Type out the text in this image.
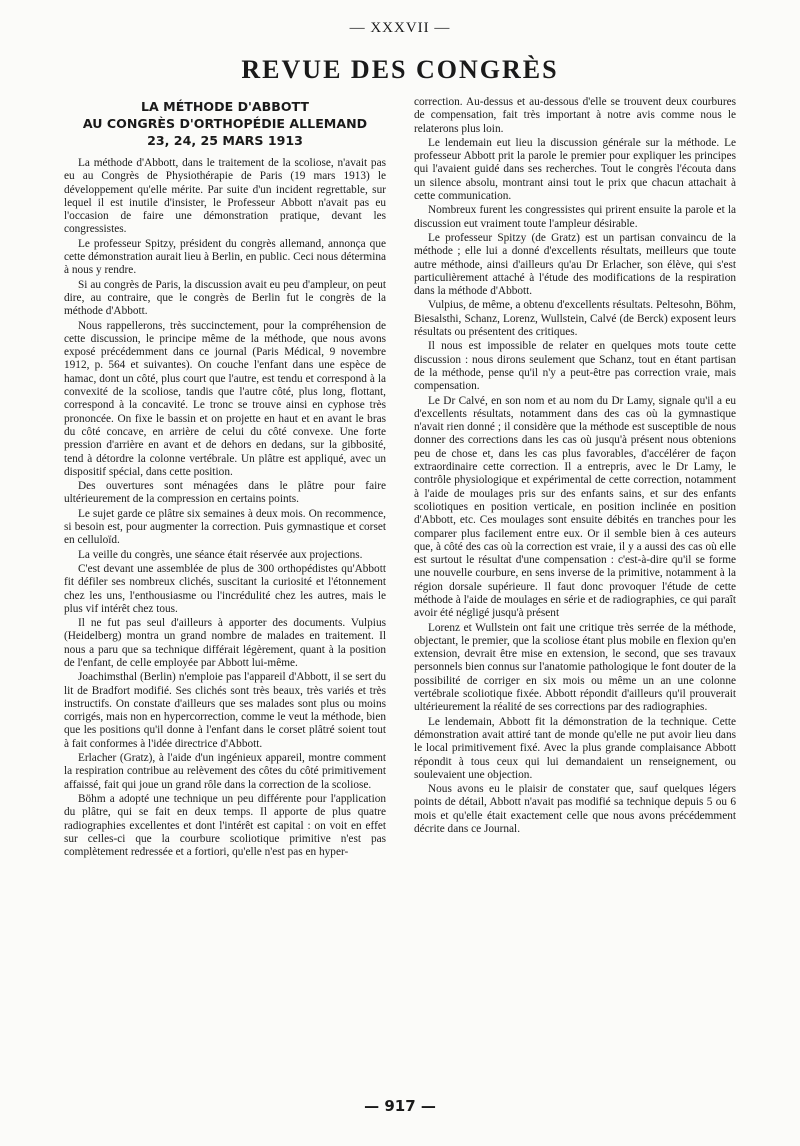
— XXXVII —
REVUE DES CONGRÈS
LA MÉTHODE D'ABBOTT
AU CONGRÈS D'ORTHOPÉDIE ALLEMAND
23, 24, 25 MARS 1913

La méthode d'Abbott, dans le traitement de la scoliose, n'avait pas eu au Congrès de Physiothérapie de Paris (19 mars 1913) le développement qu'elle mérite. Par suite d'un incident regrettable, sur lequel il est inutile d'insister, le Professeur Abbott n'avait pas eu l'occasion de faire une démonstration pratique, devant les congressistes.

Le professeur Spitzy, président du congrès allemand, annonça que cette démonstration aurait lieu à Berlin, en public. Ceci nous détermina à nous y rendre.

Si au congrès de Paris, la discussion avait eu peu d'ampleur, on peut dire, au contraire, que le congrès de Berlin fut le congrès de la méthode d'Abbott.

Nous rappellerons, très succinctement, pour la compréhension de cette discussion, le principe même de la méthode, que nous avons exposé précédemment dans ce journal (Paris Médical, 9 novembre 1912, p. 564 et suivantes). On couche l'enfant dans une espèce de hamac, dont un côté, plus court que l'autre, est tendu et correspond à la convexité de la scoliose, tandis que l'autre côté, plus long, flottant, correspond à la concavité. Le tronc se trouve ainsi en cyphose très prononcée. On fixe le bassin et on projette en haut et en avant le bras du côté concave, en arrière de celui du côté convexe. Une forte pression d'arrière en avant et de dehors en dedans, sur la gibbosité, tend à détordre la colonne vertébrale. Un plâtre est appliqué, avec un dispositif spécial, dans cette position.

Des ouvertures sont ménagées dans le plâtre pour faire ultérieurement de la compression en certains points.

Le sujet garde ce plâtre six semaines à deux mois. On recommence, si besoin est, pour augmenter la correction. Puis gymnastique et corset en celluloïd.

La veille du congrès, une séance était réservée aux projections.

C'est devant une assemblée de plus de 300 orthopédistes qu'Abbott fit défiler ses nombreux clichés, suscitant la curiosité et l'étonnement chez les uns, l'enthousiasme ou l'incrédulité chez les autres, mais le plus vif intérêt chez tous.

Il ne fut pas seul d'ailleurs à apporter des documents. Vulpius (Heidelberg) montra un grand nombre de malades en traitement. Il nous a paru que sa technique différait légèrement, quant à la position de l'enfant, de celle employée par Abbott lui-même.

Joachimsthal (Berlin) n'emploie pas l'appareil d'Abbott, il se sert du lit de Bradfort modifié. Ses clichés sont très beaux, très variés et très instructifs. On constate d'ailleurs que ses malades sont plus ou moins corrigés, mais non en hypercorrection, comme le veut la méthode, bien que les positions qu'il donne à l'enfant dans le corset plâtré soient tout à fait conformes à l'idée directrice d'Abbott.

Erlacher (Gratz), à l'aide d'un ingénieux appareil, montre comment la respiration contribue au relèvement des côtes du côté primitivement affaissé, fait qui joue un grand rôle dans la correction de la scoliose.

Böhm a adopté une technique un peu différente pour l'application du plâtre, qui se fait en deux temps. Il apporte de plus quatre radiographies excellentes et dont l'intérêt est capital : on voit en effet sur celles-ci que la courbure scoliotique primitive n'est pas complètement redressée et a fortiori, qu'elle n'est pas en hyper-

correction. Au-dessus et au-dessous d'elle se trouvent deux courbures de compensation, fait très important à notre avis comme nous le relaterons plus loin.

Le lendemain eut lieu la discussion générale sur la méthode. Le professeur Abbott prit la parole le premier pour expliquer les principes qui l'avaient guidé dans ses recherches. Tout le congrès l'écouta dans un silence absolu, montrant ainsi tout le prix que chacun attachait à cette communication.

Nombreux furent les congressistes qui prirent ensuite la parole et la discussion eut vraiment toute l'ampleur désirable.

Le professeur Spitzy (de Gratz) est un partisan convaincu de la méthode ; elle lui a donné d'excellents résultats, meilleurs que toute autre méthode, ainsi d'ailleurs qu'au Dr Erlacher, son élève, qui s'est particulièrement attaché à l'étude des modifications de la respiration dans la méthode d'Abbott.

Vulpius, de même, a obtenu d'excellents résultats. Peltesohn, Böhm, Biesalsthi, Schanz, Lorenz, Wullstein, Calvé (de Berck) exposent leurs résultats ou présentent des critiques.

Il nous est impossible de relater en quelques mots toute cette discussion : nous dirons seulement que Schanz, tout en étant partisan de la méthode, pense qu'il n'y a peut-être pas correction vraie, mais compensation.

Le Dr Calvé, en son nom et au nom du Dr Lamy, signale qu'il a eu d'excellents résultats, notamment dans des cas où la gymnastique n'avait rien donné ; il considère que la méthode est susceptible de nous donner des corrections dans les cas où jusqu'à présent nous obtenions peu de chose et, dans les cas plus favorables, d'accélérer de façon extraordinaire cette correction. Il a entrepris, avec le Dr Lamy, le contrôle physiologique et expérimental de cette correction, notamment à l'aide de moulages pris sur des enfants sains, et sur des enfants scoliotiques en position verticale, en position inclinée en position d'Abbott, etc. Ces moulages sont ensuite débités en tranches pour les comparer plus facilement entre eux. Or il semble bien à ces auteurs que, à côté des cas où la correction est vraie, il y a aussi des cas où elle est surtout le résultat d'une compensation : c'est-à-dire qu'il se forme une nouvelle courbure, en sens inverse de la primitive, notamment à la région dorsale supérieure. Il faut donc provoquer l'étude de cette méthode à l'aide de moulages en série et de radiographies, ce qui paraît avoir été négligé jusqu'à présent

Lorenz et Wullstein ont fait une critique très serrée de la méthode, objectant, le premier, que la scoliose étant plus mobile en flexion qu'en extension, devrait être mise en extension, le second, que ses travaux personnels bien connus sur l'anatomie pathologique le font douter de la possibilité de corriger en six mois ou même un an une colonne vertébrale scoliotique fixée. Abbott répondit d'ailleurs qu'il prouverait ultérieurement la réalité de ses corrections par des radiographies.

Le lendemain, Abbott fit la démonstration de la technique. Cette démonstration avait attiré tant de monde qu'elle ne put avoir lieu dans le local primitivement fixé. Avec la plus grande complaisance Abbott répondit à tous ceux qui lui demandaient un renseignement, ou soulevaient une objection.

Nous avons eu le plaisir de constater que, sauf quelques légers points de détail, Abbott n'avait pas modifié sa technique depuis 5 ou 6 mois et qu'elle était exactement celle que nous avons précédemment décrite dans ce Journal.

— 917 —
